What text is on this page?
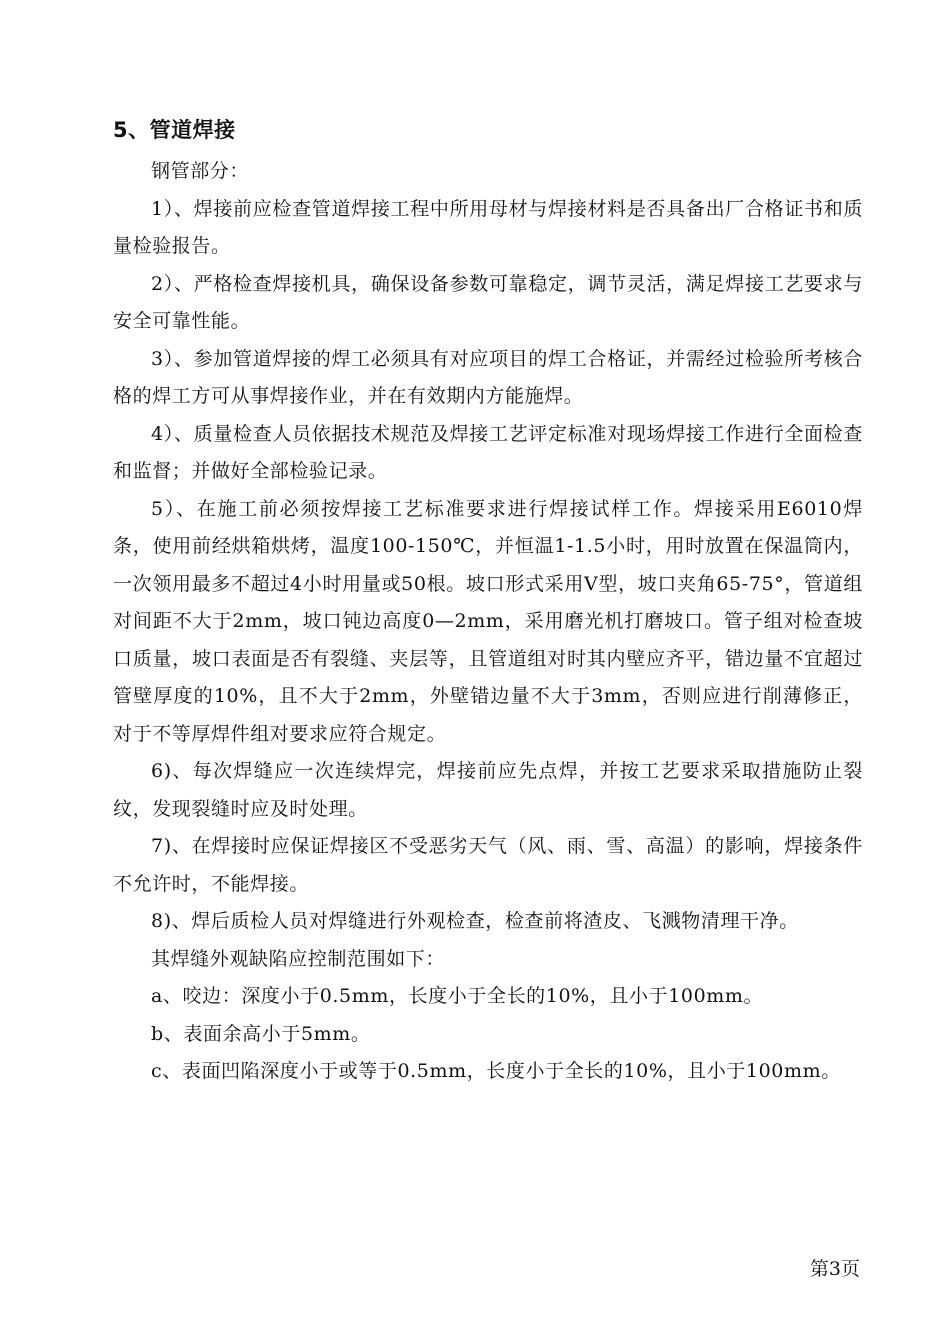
5、管道焊接

钢管部分：

1）、焊接前应检查管道焊接工程中所用母材与焊接材料是否具备出厂合格证书和质量检验报告。

2）、严格检查焊接机具，确保设备参数可靠稳定，调节灵活，满足焊接工艺要求与安全可靠性能。

3）、参加管道焊接的焊工必须具有对应项目的焊工合格证，并需经过检验所考核合格的焊工方可从事焊接作业，并在有效期内方能施焊。

4）、质量检查人员依据技术规范及焊接工艺评定标准对现场焊接工作进行全面检查和监督；并做好全部检验记录。

5）、在施工前必须按焊接工艺标准要求进行焊接试样工作。焊接采用E6010焊条，使用前经烘箱烘烤，温度100-150℃，并恒温1-1.5小时，用时放置在保温筒内，一次领用最多不超过4小时用量或50根。坡口形式采用V型，坡口夹角65-75°，管道组对间距不大于2mm，坡口钝边高度0—2mm，采用磨光机打磨坡口。管子组对检查坡口质量，坡口表面是否有裂缝、夹层等，且管道组对时其内壁应齐平，错边量不宜超过管壁厚度的10%，且不大于2mm，外壁错边量不大于3mm，否则应进行削薄修正，对于不等厚焊件组对要求应符合规定。

6)、每次焊缝应一次连续焊完，焊接前应先点焊，并按工艺要求采取措施防止裂纹，发现裂缝时应及时处理。

7)、在焊接时应保证焊接区不受恶劣天气（风、雨、雪、高温）的影响，焊接条件不允许时，不能焊接。

8)、焊后质检人员对焊缝进行外观检查，检查前将渣皮、飞溅物清理干净。

其焊缝外观缺陷应控制范围如下：

a、咬边：深度小于0.5mm，长度小于全长的10%，且小于100mm。

b、表面余高小于5mm。

c、表面凹陷深度小于或等于0.5mm，长度小于全长的10%，且小于100mm。

第3页
